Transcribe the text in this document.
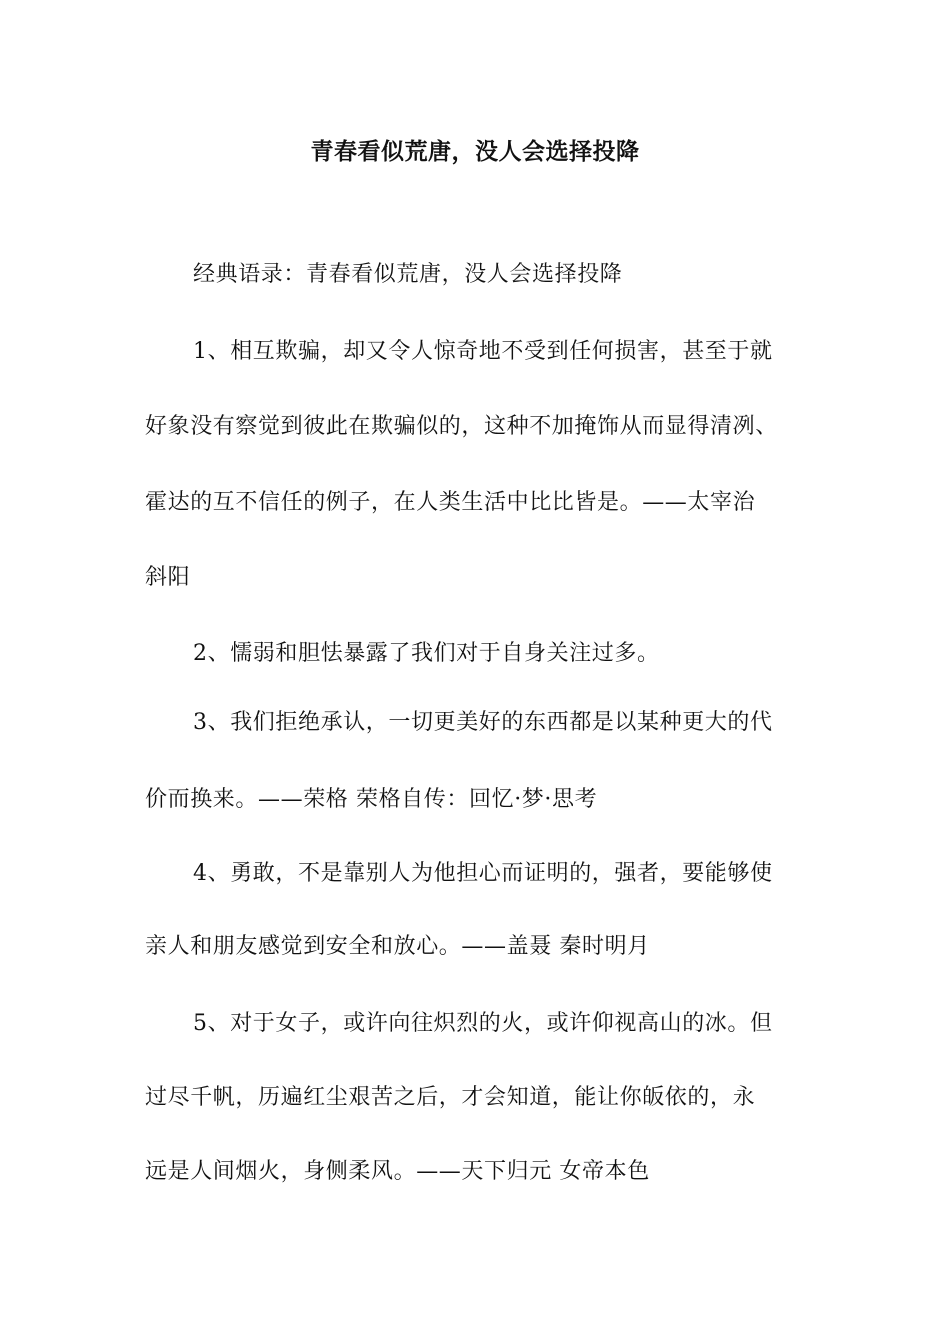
青春看似荒唐，没人会选择投降
经典语录：青春看似荒唐，没人会选择投降
1、相互欺骗，却又令人惊奇地不受到任何损害，甚至于就
好象没有察觉到彼此在欺骗似的，这种不加掩饰从而显得清冽、
霍达的互不信任的例子，在人类生活中比比皆是。——太宰治
斜阳
2、懦弱和胆怯暴露了我们对于自身关注过多。
3、我们拒绝承认，一切更美好的东西都是以某种更大的代
价而换来。——荣格 荣格自传：回忆·梦·思考
4、勇敢，不是靠别人为他担心而证明的，强者，要能够使
亲人和朋友感觉到安全和放心。——盖聂 秦时明月
5、对于女子，或许向往炽烈的火，或许仰视高山的冰。但
过尽千帆，历遍红尘艰苦之后，才会知道，能让你皈依的，永
远是人间烟火，身侧柔风。——天下归元 女帝本色
